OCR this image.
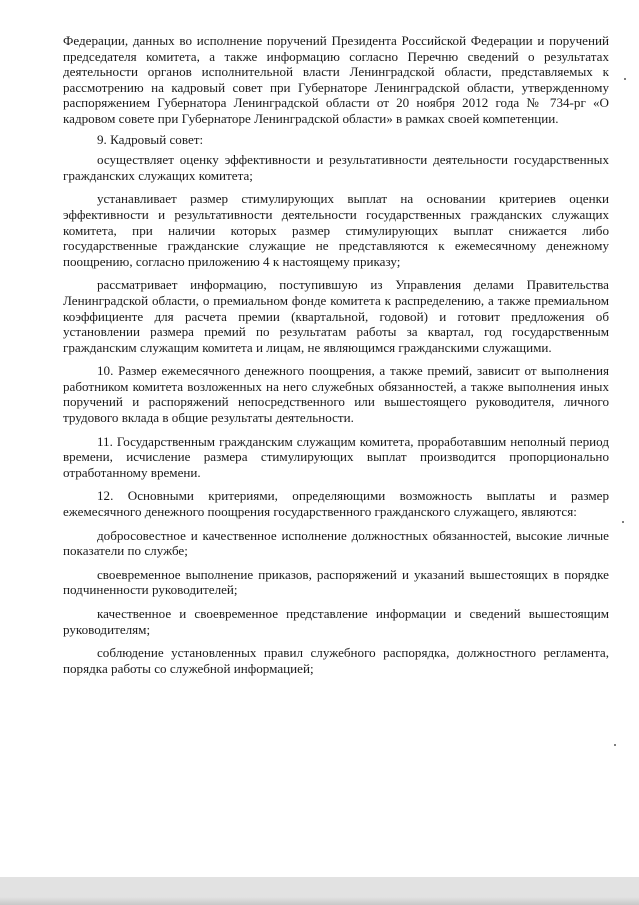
Федерации, данных во исполнение поручений Президента Российской Федерации и поручений председателя комитета, а также информацию согласно Перечню сведений о результатах деятельности органов исполнительной власти Ленинградской области, представляемых к рассмотрению на кадровый совет при Губернаторе Ленинградской области, утвержденному распоряжением Губернатора Ленинградской области от 20 ноября 2012 года № 734-рг «О кадровом совете при Губернаторе Ленинградской области» в рамках своей компетенции.

9. Кадровый совет:

осуществляет оценку эффективности и результативности деятельности государственных гражданских служащих комитета;

устанавливает размер стимулирующих выплат на основании критериев оценки эффективности и результативности деятельности государственных гражданских служащих комитета, при наличии которых размер стимулирующих выплат снижается либо государственные гражданские служащие не представляются к ежемесячному денежному поощрению, согласно приложению 4 к настоящему приказу;

рассматривает информацию, поступившую из Управления делами Правительства Ленинградской области, о премиальном фонде комитета к распределению, а также премиальном коэффициенте для расчета премии (квартальной, годовой) и готовит предложения об установлении размера премий по результатам работы за квартал, год государственным гражданским служащим комитета и лицам, не являющимся гражданскими служащими.

10. Размер ежемесячного денежного поощрения, а также премий, зависит от выполнения работником комитета возложенных на него служебных обязанностей, а также выполнения иных поручений и распоряжений непосредственного или вышестоящего руководителя, личного трудового вклада в общие результаты деятельности.

11. Государственным гражданским служащим комитета, проработавшим неполный период времени, исчисление размера стимулирующих выплат производится пропорционально отработанному времени.

12. Основными критериями, определяющими возможность выплаты и размер ежемесячного денежного поощрения государственного гражданского служащего, являются:

добросовестное и качественное исполнение должностных обязанностей, высокие личные показатели по службе;

своевременное выполнение приказов, распоряжений и указаний вышестоящих в порядке подчиненности руководителей;

качественное и своевременное представление информации и сведений вышестоящим руководителям;

соблюдение установленных правил служебного распорядка, должностного регламента, порядка работы со служебной информацией;
